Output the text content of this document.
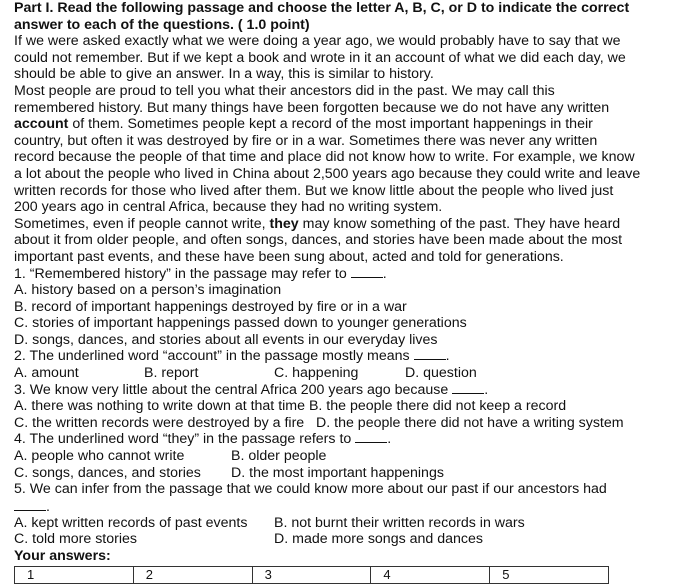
Part I. Read the following passage and choose the letter A, B, C, or D to indicate the correct
answer to each of the questions. ( 1.0 point)
If we were asked exactly what we were doing a year ago, we would probably have to say that we
could not remember. But if we kept a book and wrote in it an account of what we did each day, we
should be able to give an answer. In a way, this is similar to history.
Most people are proud to tell you what their ancestors did in the past. We may call this
remembered history. But many things have been forgotten because we do not have any written
account of them. Sometimes people kept a record of the most important happenings in their
country, but often it was destroyed by fire or in a war. Sometimes there was never any written
record because the people of that time and place did not know how to write. For example, we know
a lot about the people who lived in China about 2,500 years ago because they could write and leave
written records for those who lived after them. But we know little about the people who lived just
200 years ago in central Africa, because they had no writing system.
Sometimes, even if people cannot write, they may know something of the past. They have heard
about it from older people, and often songs, dances, and stories have been made about the most
important past events, and these have been sung about, acted and told for generations.
1. “Remembered history” in the passage may refer to .
A. history based on a person’s imagination
B. record of important happenings destroyed by fire or in a war
C. stories of important happenings passed down to younger generations
D. songs, dances, and stories about all events in our everyday lives
2. The underlined word “account” in the passage mostly means .
A. amount	B. report	C. happening	D. question
3. We know very little about the central Africa 200 years ago because .
A. there was nothing to write down at that time B. the people there did not keep a record
C. the written records were destroyed by a fire D. the people there did not have a writing system
4. The underlined word “they” in the passage refers to .
A. people who cannot write	B. older people
C. songs, dances, and stories D. the most important happenings
5. We can infer from the passage that we could know more about our past if our ancestors had
.
A. kept written records of past events B. not burnt their written records in wars
C. told more stories	D. made more songs and dances
Your answers:
1	2	3	4	5
